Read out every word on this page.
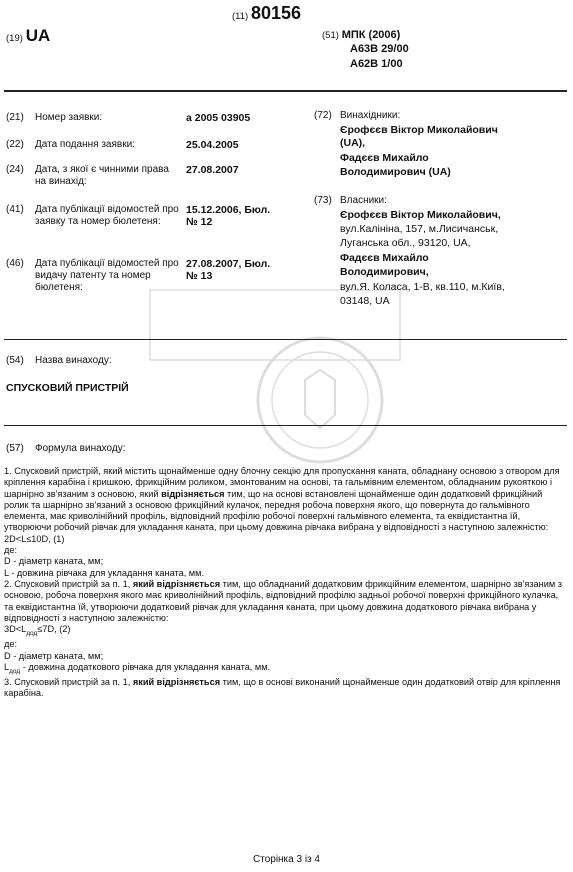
(11) 80156
(19) UA	(51) МПК (2006)
A63B 29/00
A62B 1/00
(21) Номер заявки:	a 2005 03905
(22) Дата подання заявки:	25.04.2005
(24) Дата, з якої є чинними права на винахід:
27.08.2007
(41) Дата публікації відомостей про заявку та номер бюлетеня:
15.12.2006, Бюл. № 12
(46) Дата публікації відомостей про видачу патенту та номер бюлетеня:
27.08.2007, Бюл. № 13
(72) Винахідники:
Єрофєєв Віктор Миколайович
(UA),
Фадєєв Михайло
Володимирович (UA)
(73) Власники:
Єрофєєв Віктор Миколайович,
вул.Калініна, 157, м.Лисичанськ,
Луганська обл., 93120, UA,
Фадєєв Михайло
Володимирович,
вул.Я. Коласа, 1-В, кв.110, м.Київ,
03148, UA
(54) Назва винаходу:
СПУСКОВИЙ ПРИСТРІЙ
(57) Формула винаходу:

1. Спусковий пристрій, який містить щонайменше одну блочну секцію для пропускання каната, обладнану основою з отвором для кріплення карабіна і кришкою, фрикційним роликом, змонтованим на основі, та гальмівним елементом, обладнаним рукояткою і шарнірно зв'язаним з основою, який відрізняється тим, що на основі встановлені щонайменше один додатковий фрикційний ролик та шарнірно зв'язаний з основою фрикційний кулачок, передня робоча поверхня якого, що повернута до гальмівного елемента, має криволінійний профіль, відповідний профілю робочої поверхні гальмівного елемента, та еквідистантна їй, утворюючи робочий рівчак для укладання каната, при цьому довжина рівчака вибрана у відповідності з наступною залежністю:

2D<L≤10D, (1)

де:

D - діаметр каната, мм;

L - довжина рівчака для укладання каната, мм.

2. Спусковий пристрій за п. 1, який відрізняється тим, що обладнаний додатковим фрикційним елементом, шарнірно зв'язаним з основою, робоча поверхня якого має криволінійний профіль, відповідний профілю задньої робочої поверхні фрикційного кулачка, та еквідистантна їй, утворюючи додатковий рівчак для укладання каната, при цьому довжина додаткового рівчака вибрана у відповідності з наступною залежністю:

$3D<L_{дод}\le 7D$, (2)

де:

D - діаметр каната, мм;

$L_{дод}$ - довжина додаткового рівчака для укладання каната, мм.

3. Спусковий пристрій за п. 1, який відрізняється тим, що в основі виконаний щонайменше один додатковий отвір для кріплення карабіна.

Сторінка 3 із 4
